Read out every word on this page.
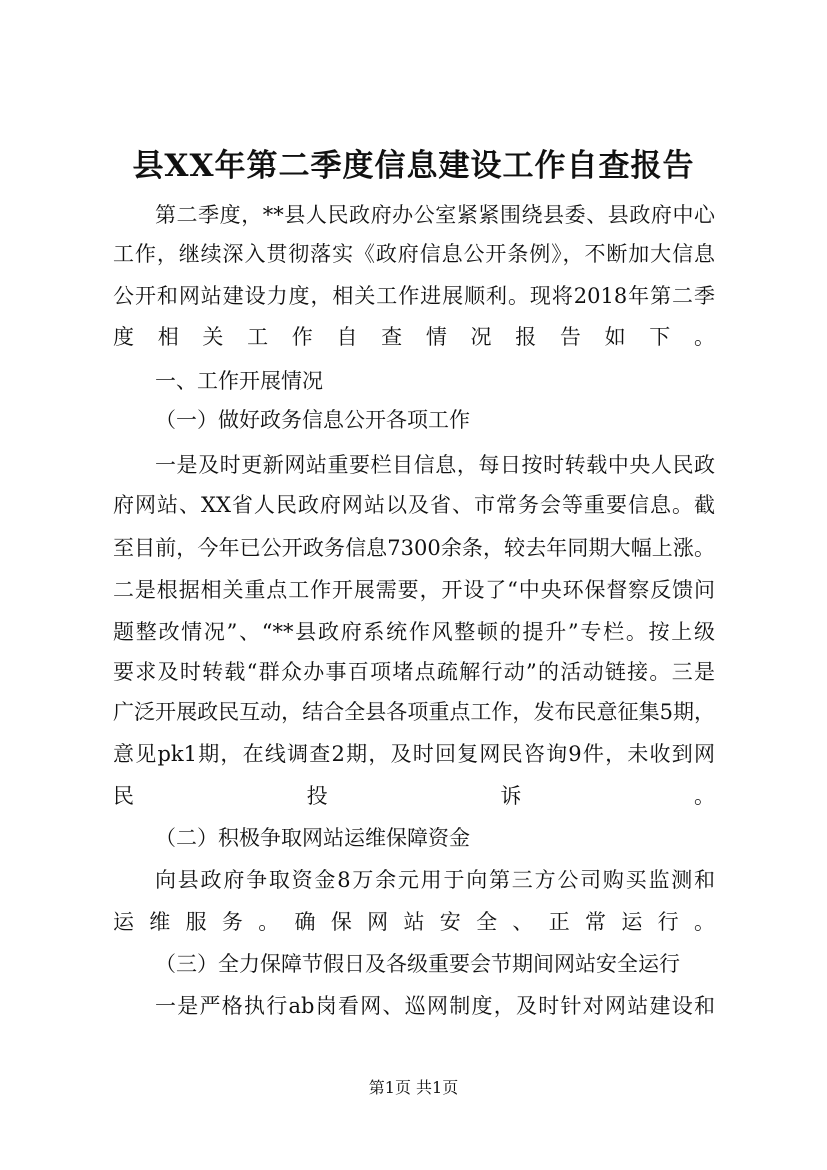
县XX年第二季度信息建设工作自查报告
第二季度，**县人民政府办公室紧紧围绕县委、县政府中心
工作，继续深入贯彻落实《政府信息公开条例》，不断加大信息
公开和网站建设力度，相关工作进展顺利。现将2018年第二季
度相关工作自查情况报告如下。
一、工作开展情况
（一）做好政务信息公开各项工作
一是及时更新网站重要栏目信息，每日按时转载中央人民政
府网站、XX省人民政府网站以及省、市常务会等重要信息。截
至目前，今年已公开政务信息7300余条，较去年同期大幅上涨。
二是根据相关重点工作开展需要，开设了“中央环保督察反馈问
题整改情况”、“**县政府系统作风整顿的提升”专栏。按上级
要求及时转载“群众办事百项堵点疏解行动”的活动链接。三是
广泛开展政民互动，结合全县各项重点工作，发布民意征集5期，
意见pk1期，在线调查2期，及时回复网民咨询9件，未收到网
民投诉。
（二）积极争取网站运维保障资金
向县政府争取资金8万余元用于向第三方公司购买监测和
运维服务。确保网站安全、正常运行。
（三）全力保障节假日及各级重要会节期间网站安全运行
一是严格执行ab岗看网、巡网制度，及时针对网站建设和
第1页 共1页
